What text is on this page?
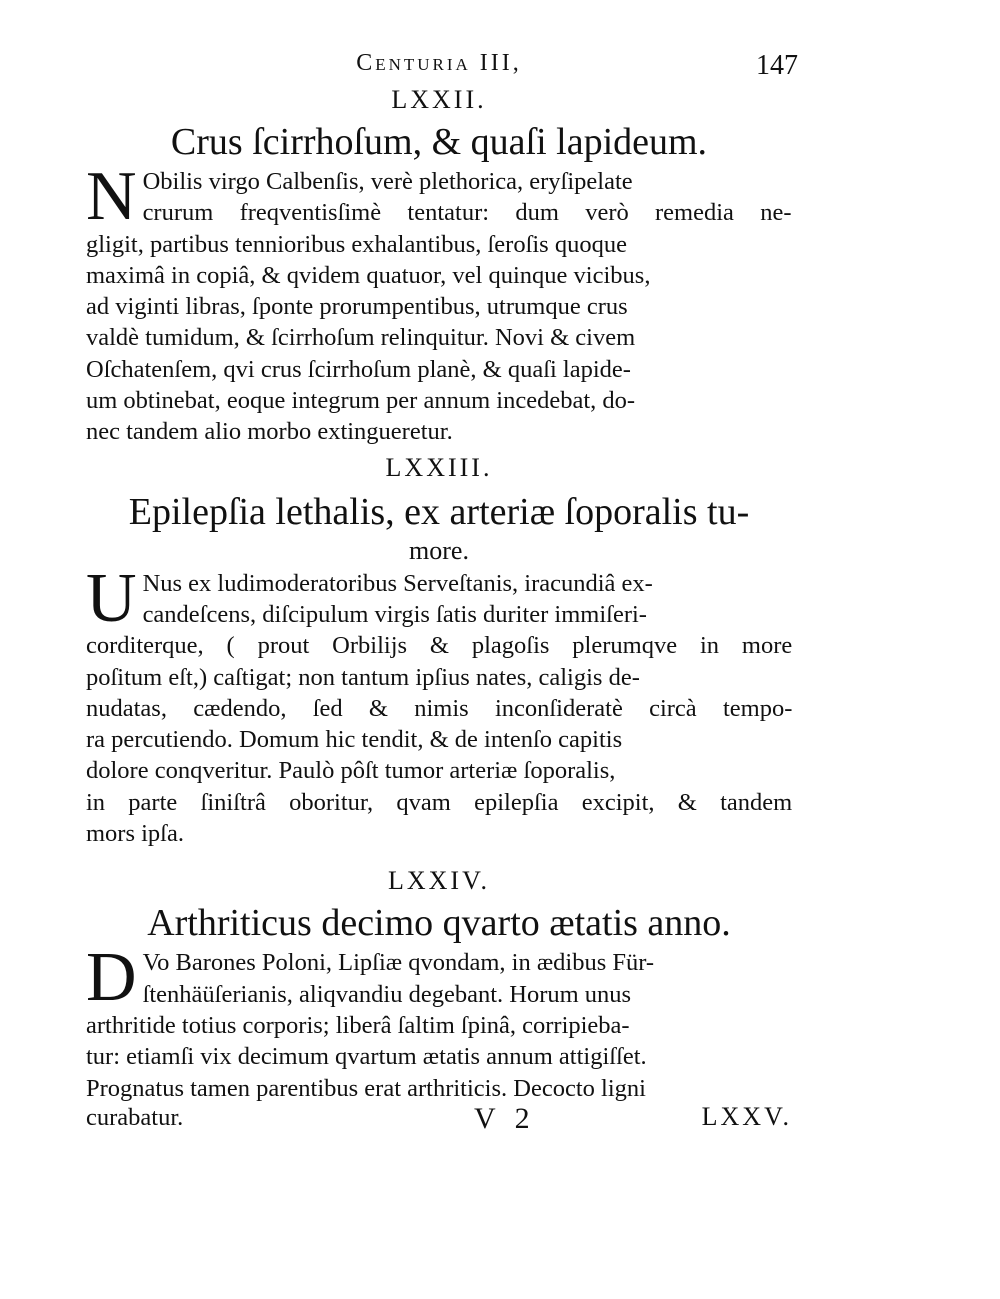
Centuria III,	147
LXXII.
Crus ſcirrhoſum, & quaſi lapideum.
N Obilis virgo Calbenſis, verè plethorica, eryſipelate
crurum freqventisſimè tentatur: dum verò remedia ne-
gligit, partibus tennioribus exhalantibus, ſeroſis quoque
maximâ in copiâ, & qvidem quatuor, vel quinque vicibus,
ad viginti libras, ſponte prorumpentibus, utrumque crus
valdè tumidum, & ſcirrhoſum relinquitur. Novi & civem
Oſchatenſem, qvi crus ſcirrhoſum planè, & quaſi lapide-
um obtinebat, eoque integrum per annum incedebat, do-
nec tandem alio morbo extingueretur.
LXXIII.
Epilepſia lethalis, ex arteriæ ſoporalis tu-
more.
U Nus ex ludimoderatoribus Serveſtanis, iracundiâ ex-
candeſcens, diſcipulum virgis ſatis duriter immiſeri-
corditerque, ( prout Orbilijs & plagoſis plerumqve in more
poſitum eſt,) caſtigat; non tantum ipſius nates, caligis de-
nudatas, cædendo, ſed & nimis inconſideratè circà tempo-
ra percutiendo. Domum hic tendit, & de intenſo capitis
dolore conqveritur. Paulò pôſt tumor arteriæ ſoporalis,
in parte ſiniſtrâ oboritur, qvam epilepſia excipit, & tandem
mors ipſa.
LXXIV.
Arthriticus decimo qvarto ætatis anno.
D Vo Barones Poloni, Lipſiæ qvondam, in ædibus Für-
ſtenhäüſerianis, aliqvandiu degebant. Horum unus
arthritide totius corporis; liberâ ſaltim ſpinâ, corripieba-
tur: etiamſi vix decimum qvartum ætatis annum attigiſſet.
Prognatus tamen parentibus erat arthriticis. Decocto ligni
curabatur.	V 2	LXXV.
